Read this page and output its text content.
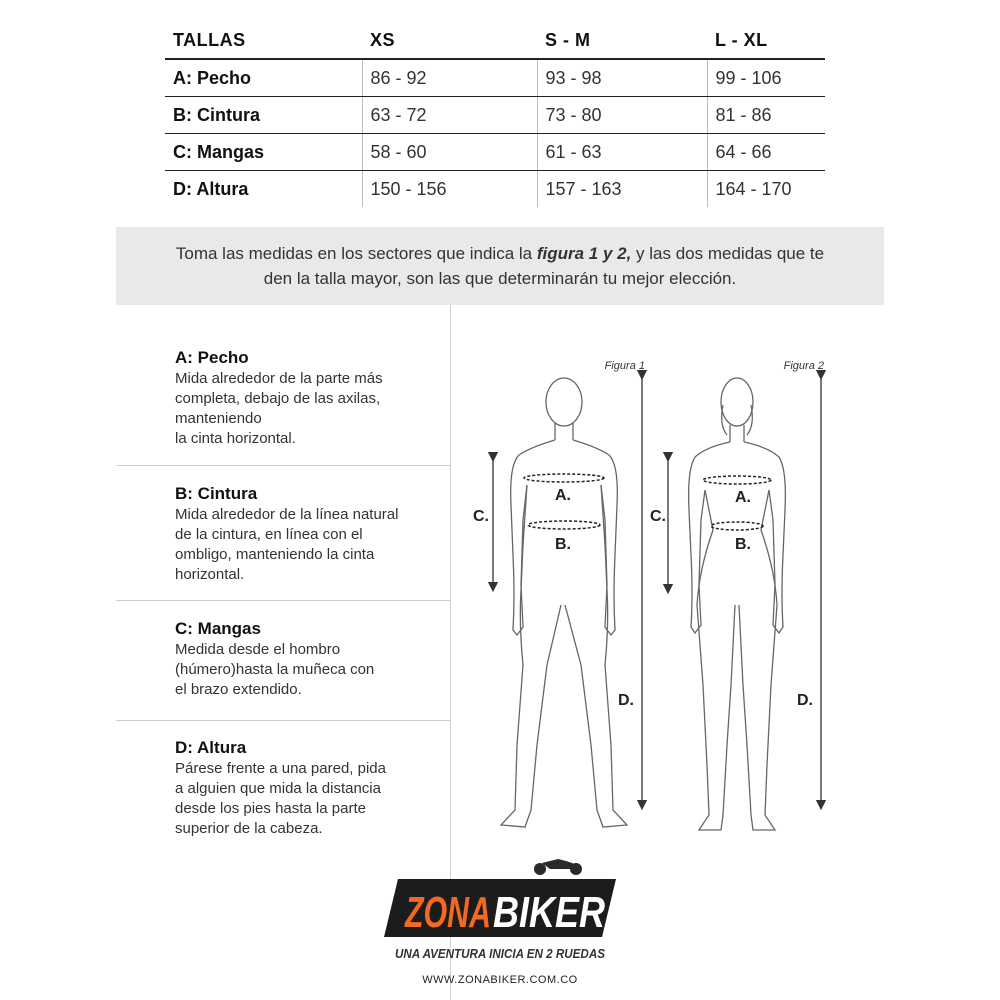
TALLAS	XS	S - M	L - XL
A: Pecho	86 - 92	93 - 98	99 - 106
B: Cintura	63 - 72	73 - 80	81 - 86
C: Mangas	58 - 60	61 - 63	64 - 66
D: Altura	150 - 156	157 - 163	164 - 170
Toma las medidas en los sectores que indica la figura 1 y 2, y las dos medidas que te den la talla mayor, son las que determinarán tu mejor elección.

A: Pecho

Mida alrededor de la parte más

completa, debajo de las axilas,

manteniendo

la cinta horizontal.

B: Cintura

Mida alrededor de la línea natural

de la cintura, en línea con el

ombligo, manteniendo la cinta

horizontal.

C: Mangas

Medida desde el hombro

(húmero)hasta la muñeca con

el brazo extendido.

D: Altura

Párese frente a una pared, pida

a alguien que mida la distancia

desde los pies hasta la parte

superior de la cabeza.

A.
B.
C.
D.
Figura 1
A.
B.
C.
D.
Figura 2
ZONA BIKER
UNA AVENTURA INICIA EN 2 RUEDAS
WWW.ZONABIKER.COM.CO
